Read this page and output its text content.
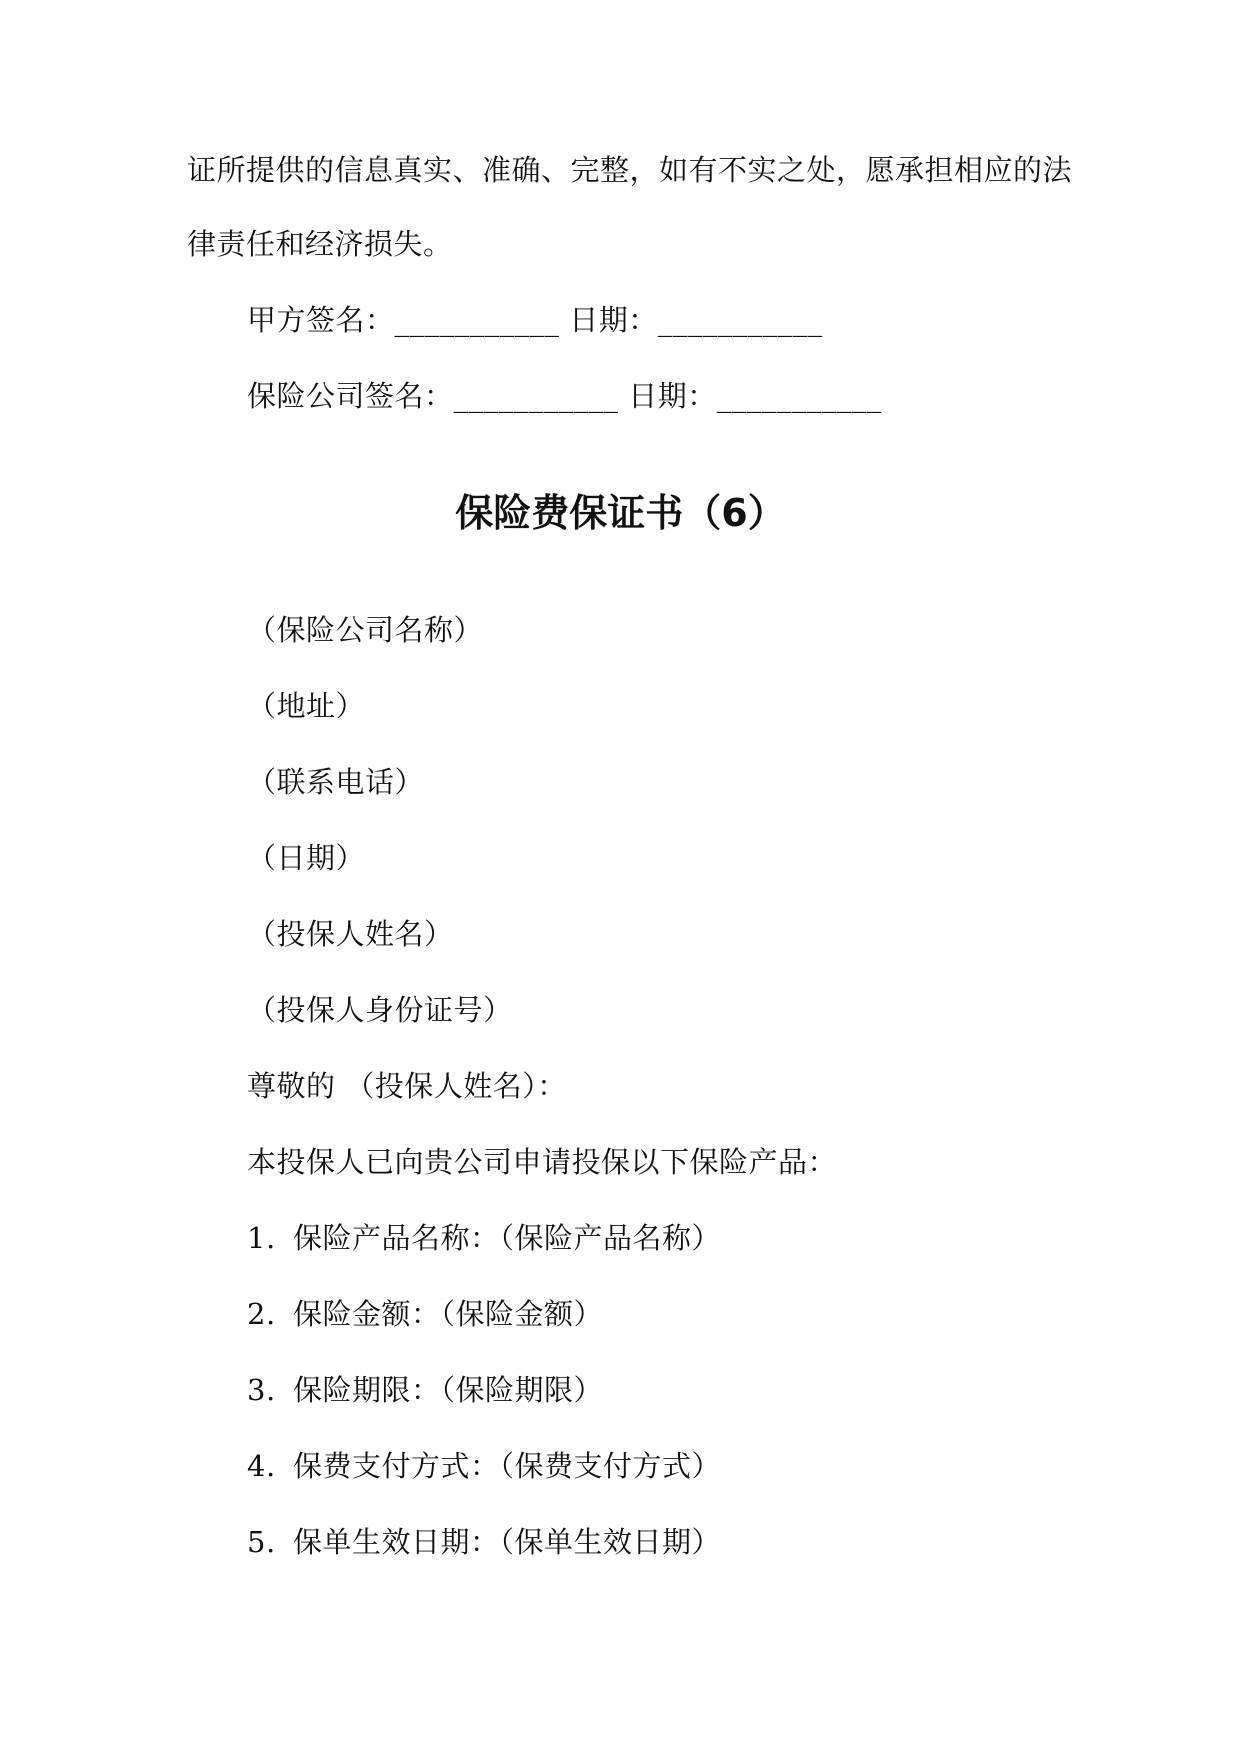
证所提供的信息真实、准确、完整，如有不实之处，愿承担相应的法
律责任和经济损失。
甲方签名：___________ 日期：___________
保险公司签名：___________ 日期：___________
保险费保证书（6）
（保险公司名称）
（地址）
（联系电话）
（日期）
（投保人姓名）
（投保人身份证号）
尊敬的 （投保人姓名）：
本投保人已向贵公司申请投保以下保险产品：
1. 保险产品名称：（保险产品名称）
2. 保险金额：（保险金额）
3. 保险期限：（保险期限）
4. 保费支付方式：（保费支付方式）
5. 保单生效日期：（保单生效日期）
